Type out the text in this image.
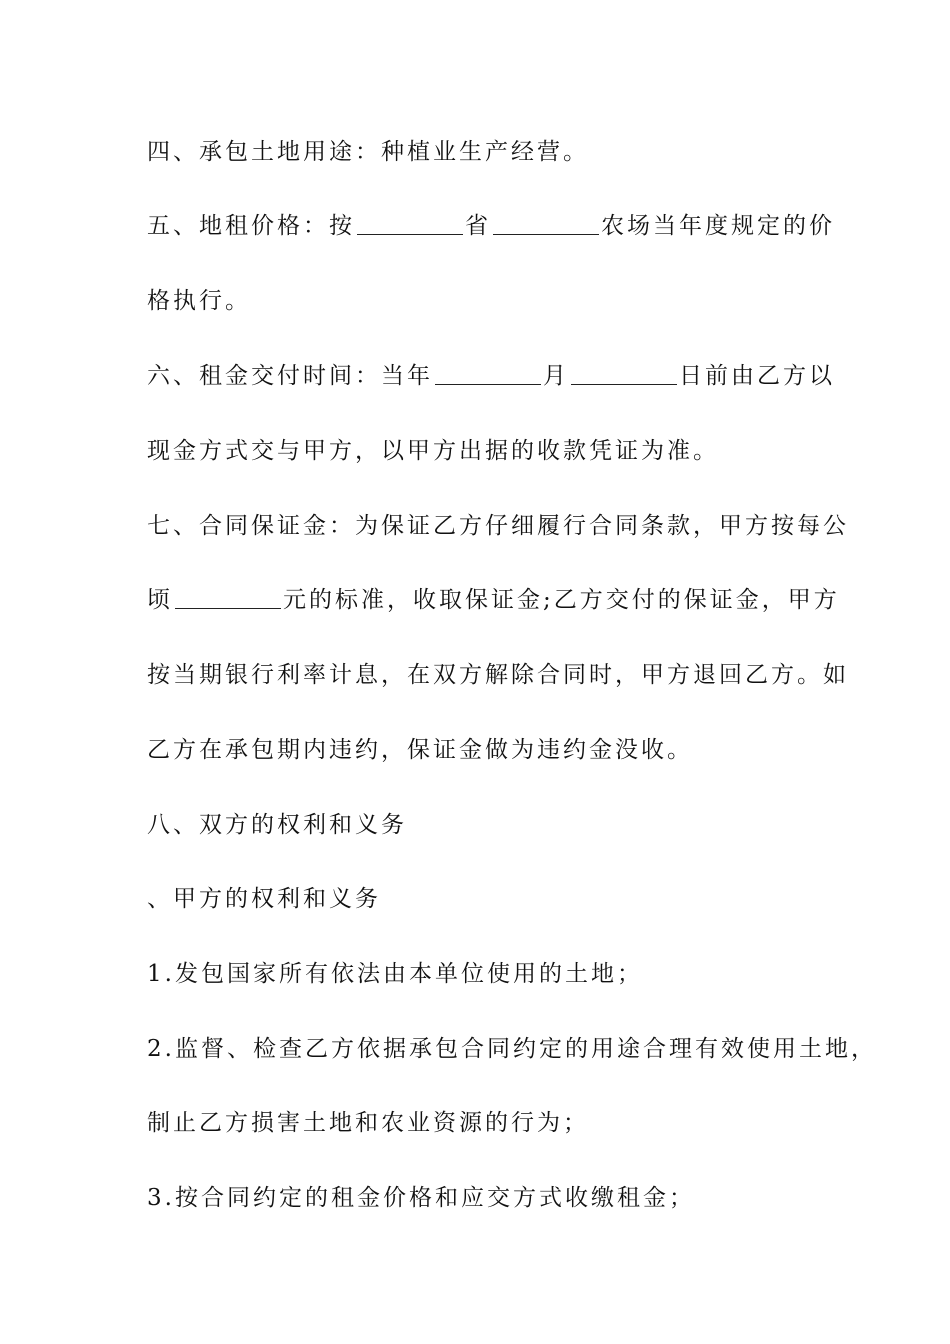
四、承包土地用途：种植业生产经营。
五、地租价格：按	省	农场当年度规定的价
格执行。
六、租金交付时间：当年	月	日前由乙方以
现金方式交与甲方，以甲方出据的收款凭证为准。
七、合同保证金：为保证乙方仔细履行合同条款，甲方按每公
顷	元的标准，收取保证金;乙方交付的保证金，甲方
按当期银行利率计息，在双方解除合同时，甲方退回乙方。如
乙方在承包期内违约，保证金做为违约金没收。
八、双方的权利和义务
、甲方的权利和义务
1.发包国家所有依法由本单位使用的土地；
2.监督、检查乙方依据承包合同约定的用途合理有效使用土地，
制止乙方损害土地和农业资源的行为；
3.按合同约定的租金价格和应交方式收缴租金；
